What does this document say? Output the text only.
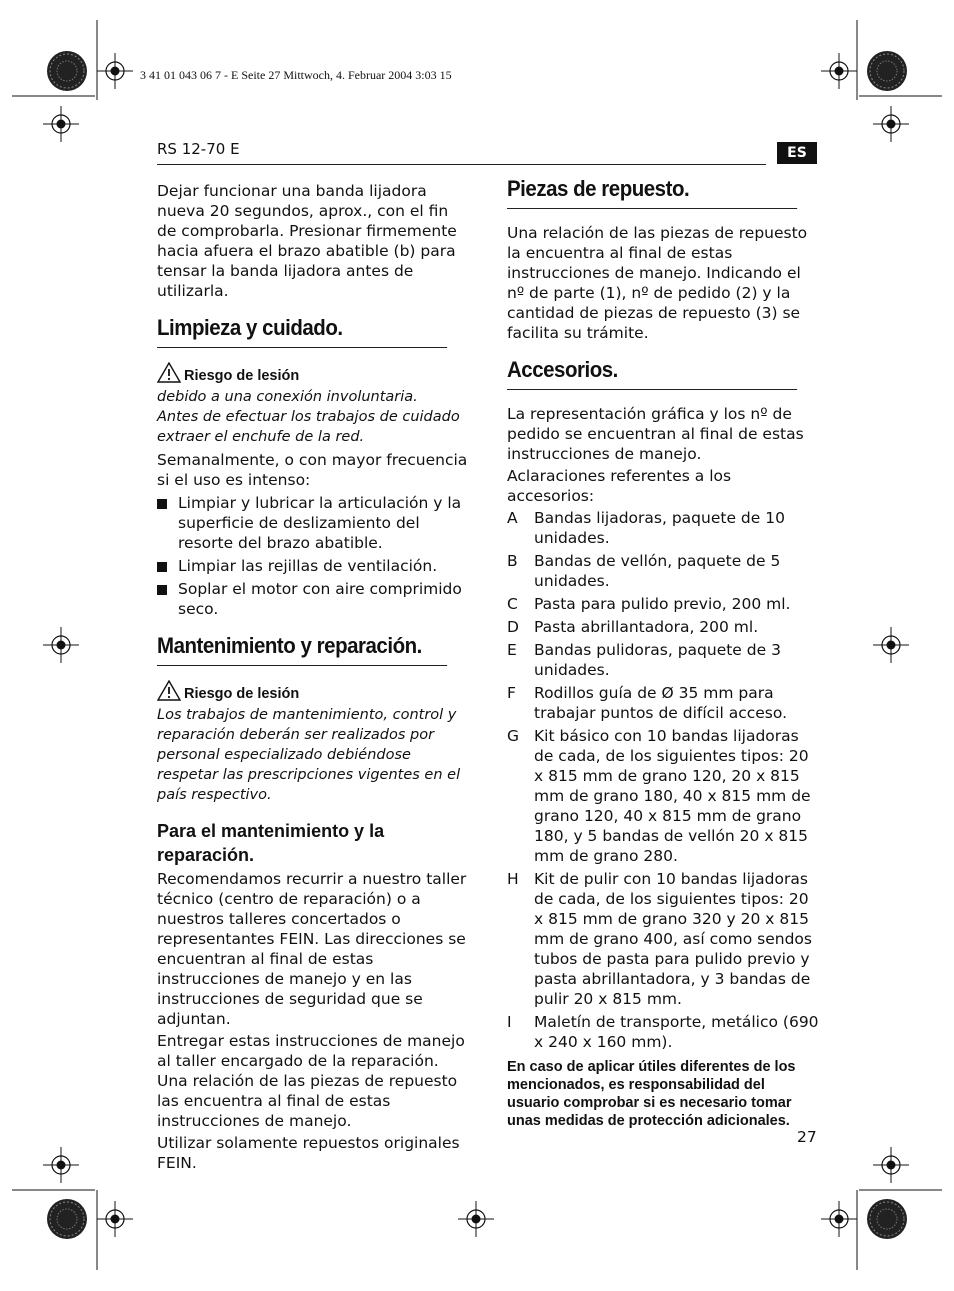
3 41 01 043 06 7 - E Seite 27 Mittwoch, 4. Februar 2004 3:03 15
RS 12-70 E	ES

Dejar funcionar una banda lijadora nueva 20 segundos, aprox., con el fin de comprobarla. Presionar firmemente hacia afuera el brazo abatible (b) para tensar la banda lijadora antes de utilizarla.

Limpieza y cuidado.
Riesgo de lesión

debido a una conexión involuntaria.

Antes de efectuar los trabajos de cuidado extraer el enchufe de la red.

Semanalmente, o con mayor frecuencia si el uso es intenso:

Limpiar y lubricar la articulación y la superficie de deslizamiento del resorte del brazo abatible.
Limpiar las rejillas de ventilación.
Soplar el motor con aire comprimido seco.
Mantenimiento y reparación.
Riesgo de lesión

Los trabajos de mantenimiento, control y reparación deberán ser realizados por personal especializado debiéndose respetar las prescripciones vigentes en el país respectivo.

Para el mantenimiento y la reparación.

Recomendamos recurrir a nuestro taller técnico (centro de reparación) o a nuestros talleres concertados o representantes FEIN. Las direcciones se encuentran al final de estas instrucciones de manejo y en las instrucciones de seguridad que se adjuntan.

Entregar estas instrucciones de manejo al taller encargado de la reparación. Una relación de las piezas de repuesto las encuentra al final de estas instrucciones de manejo.

Utilizar solamente repuestos originales FEIN.

Piezas de repuesto.

Una relación de las piezas de repuesto la encuentra al final de estas instrucciones de manejo. Indicando el nº de parte (1), nº de pedido (2) y la cantidad de piezas de repuesto (3) se facilita su trámite.

Accesorios.

La representación gráfica y los nº de pedido se encuentran al final de estas instrucciones de manejo.

Aclaraciones referentes a los accesorios:

A Bandas lijadoras, paquete de 10 unidades.
B Bandas de vellón, paquete de 5 unidades.
C Pasta para pulido previo, 200 ml.
D Pasta abrillantadora, 200 ml.
E Bandas pulidoras, paquete de 3 unidades.
F Rodillos guía de Ø 35 mm para trabajar puntos de difícil acceso.
G Kit básico con 10 bandas lijadoras de cada, de los siguientes tipos: 20 x 815 mm de grano 120, 20 x 815 mm de grano 180, 40 x 815 mm de grano 120, 40 x 815 mm de grano 180, y 5 bandas de vellón 20 x 815 mm de grano 280.
H Kit de pulir con 10 bandas lijadoras de cada, de los siguientes tipos: 20 x 815 mm de grano 320 y 20 x 815 mm de grano 400, así como sendos tubos de pasta para pulido previo y pasta abrillantadora, y 3 bandas de pulir 20 x 815 mm.
I Maletín de transporte, metálico (690 x 240 x 160 mm).
En caso de aplicar útiles diferentes de los mencionados, es responsabilidad del usuario comprobar si es necesario tomar unas medidas de protección adicionales.
27
